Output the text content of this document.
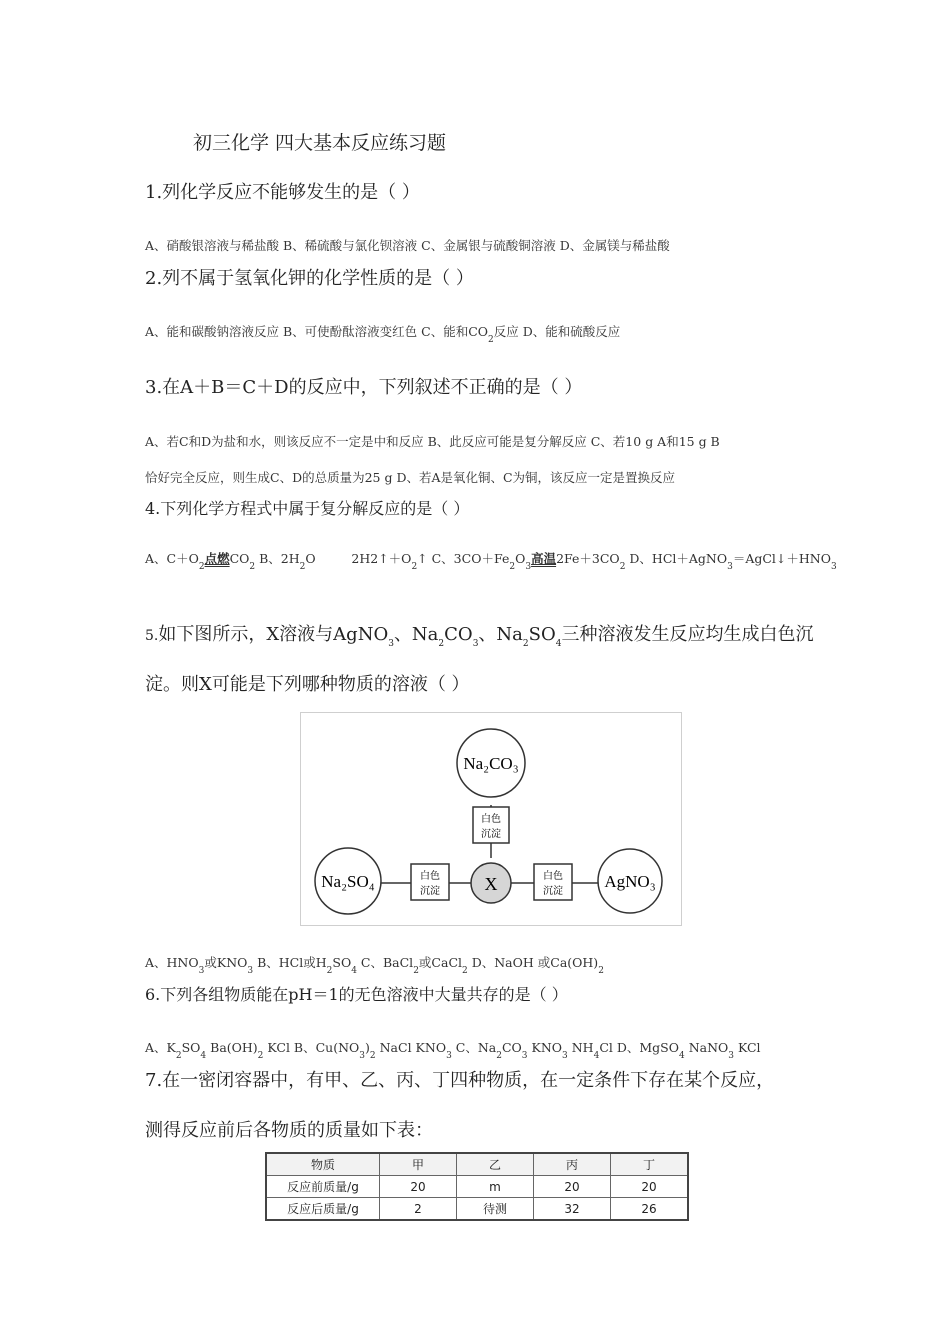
初三化学 四大基本反应练习题
1.列化学反应不能够发生的是（ ）
A、硝酸银溶液与稀盐酸 B、稀硫酸与氯化钡溶液 C、金属银与硫酸铜溶液 D、金属镁与稀盐酸
2.列不属于氢氧化钾的化学性质的是（ ）
A、能和碳酸钠溶液反应 B、可使酚酞溶液变红色 C、能和$CO_2$反应 D、能和硫酸反应
3.在A＋B＝C＋D的反应中，下列叙述不正确的是（ ）
A、若C和D为盐和水，则该反应不一定是中和反应 B、此反应可能是复分解反应 C、若10 g A和15 g B
恰好完全反应，则生成C、D的总质量为25 g D、若A是氧化铜、C为铜，该反应一定是置换反应
4.下列化学方程式中属于复分解反应的是（ ）
A、$C+O_2$点燃$CO_2$ B、$2H_2O$         $2H2↑+O_2↑$ C、$3CO+Fe_2O_3$高温$2Fe+3CO_2$ D、$HCl+AgNO_3=AgCl↓+HNO_3$
5.如下图所示，X溶液与AgNO$_3$、$Na_2CO_3$、$Na_2SO_4$三种溶液发生反应均生成白色沉
淀。则X可能是下列哪种物质的溶液（ ）
Na₂CO₃
Na₂SO₄	AgNO₃
X
白色
沉淀
白色
沉淀
白色
沉淀
A、$HNO_3$或$KNO_3$ B、HCl或$H_2SO_4$ C、BaCl$_2$或CaCl$_2$ D、NaOH 或$Ca(OH)_2$
6.下列各组物质能在pH＝1的无色溶液中大量共存的是（ ）
A、$K_2SO_4$ $Ba(OH)_2$ KCl B、$Cu(NO_3)_2$ NaCl $KNO_3$ C、$Na_2CO_3$ $KNO_3$ $NH_4Cl$ D、MgSO$_4$ NaNO$_3$ KCl
7.在一密闭容器中，有甲、乙、丙、丁四种物质，在一定条件下存在某个反应，
测得反应前后各物质的质量如下表：
物质	甲	乙	丙	丁
反应前质量/g	20	m	20	20
反应后质量/g	2	待测	32	26
